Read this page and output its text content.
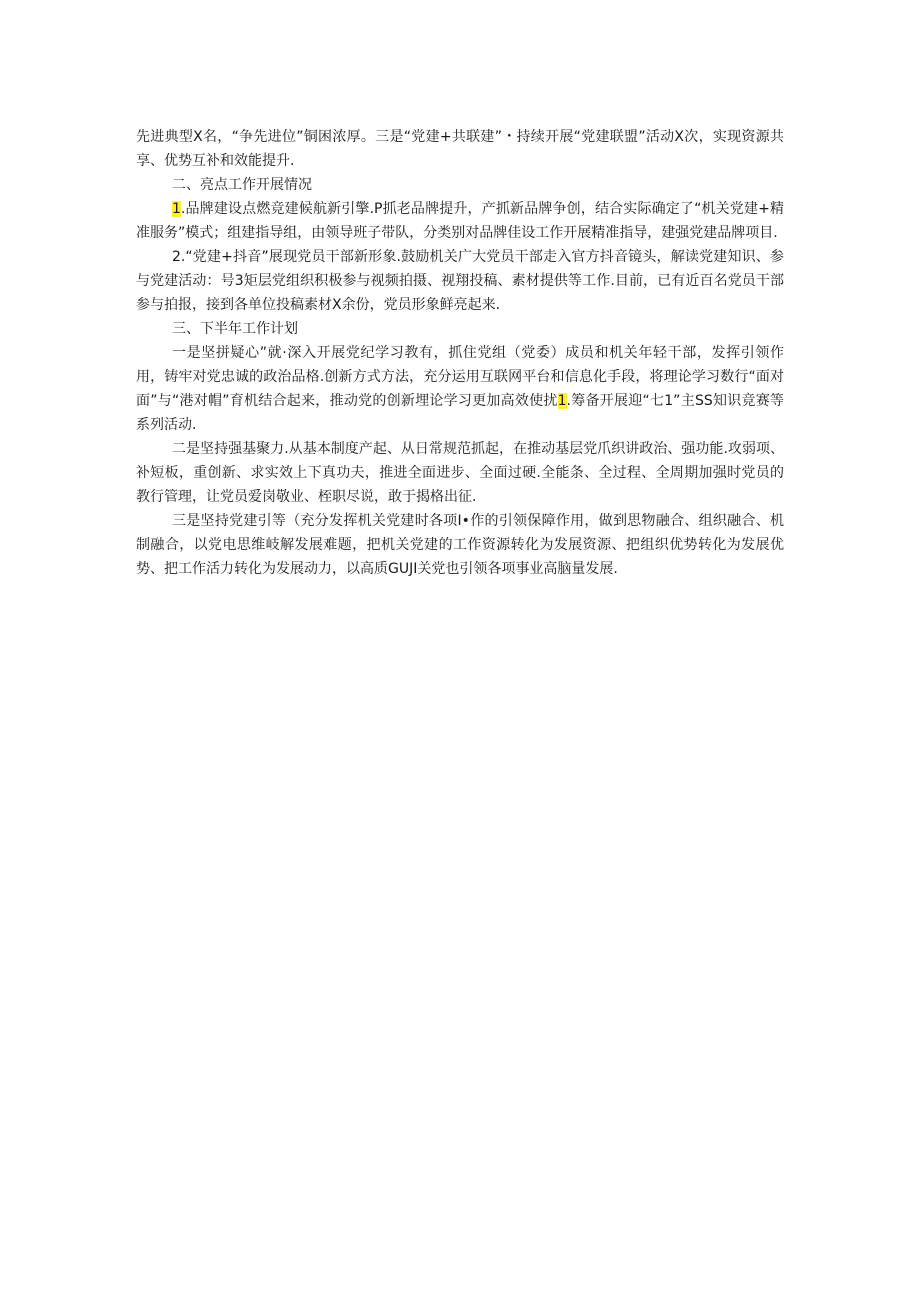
先进典型X名，“争先进位”铜困浓厚。三是“党建+共联建”・持续开展“党建联盟”活动X次，实现资源共享、优势互补和效能提升.

二、亮点工作开展情况

1.品牌建设点燃竞建候航新引擎.P抓老品牌提升，产抓新品牌争创，结合实际确定了“机关党建+精准服务”模式；组建指导组，由领导班子带队，分类别对品牌佳设工作开展精准指导，建强党建品牌项目.

2.“党建+抖音”展现党员干部新形象.鼓励机关广大党员干部走入官方抖音镜头，解读党建知识、参与党建活动：号3矩层党组织积极参与视频拍摄、视翔投稿、素材提供等工作.目前，已有近百名党员干部参与拍报，接到各单位投稿素材X余份，党员形象鲜亮起来.

三、下半年工作计划

一是坚拼疑心”就·深入开展党纪学习教有，抓住党组（党委）成员和机关年轻干部，发挥引领作用，铸牢对党忠诚的政治品格.创新方式方法，充分运用互联网平台和信息化手段，将理论学习数行“面对面”与“港对帽”育机结合起来，推动党的创新埋论学习更加高效使扰1.筹备开展迎“七1”主SS知识竞赛等系列活动.

二是坚持强基聚力.从基本制度产起、从日常规范抓起，在推动基层党爪织讲政治、强功能.攻弱项、补短板，重创新、求实效上下真功夫，推进全面进步、全面过硬.全能条、全过程、全周期加强时党员的教行管理，让党员爱岗敬业、桎职尽说，敢于揭格出征.

三是坚持党建引等（充分发挥机关党建时各项I•作的引领保障作用，做到思物融合、组织融合、机制融合，以党电思维岐解发展难题，把机关党建的工作资源转化为发展资源、把组织优势转化为发展优势、把工作活力转化为发展动力，以高质GUJI关党也引领各项事业高脑量发展.
